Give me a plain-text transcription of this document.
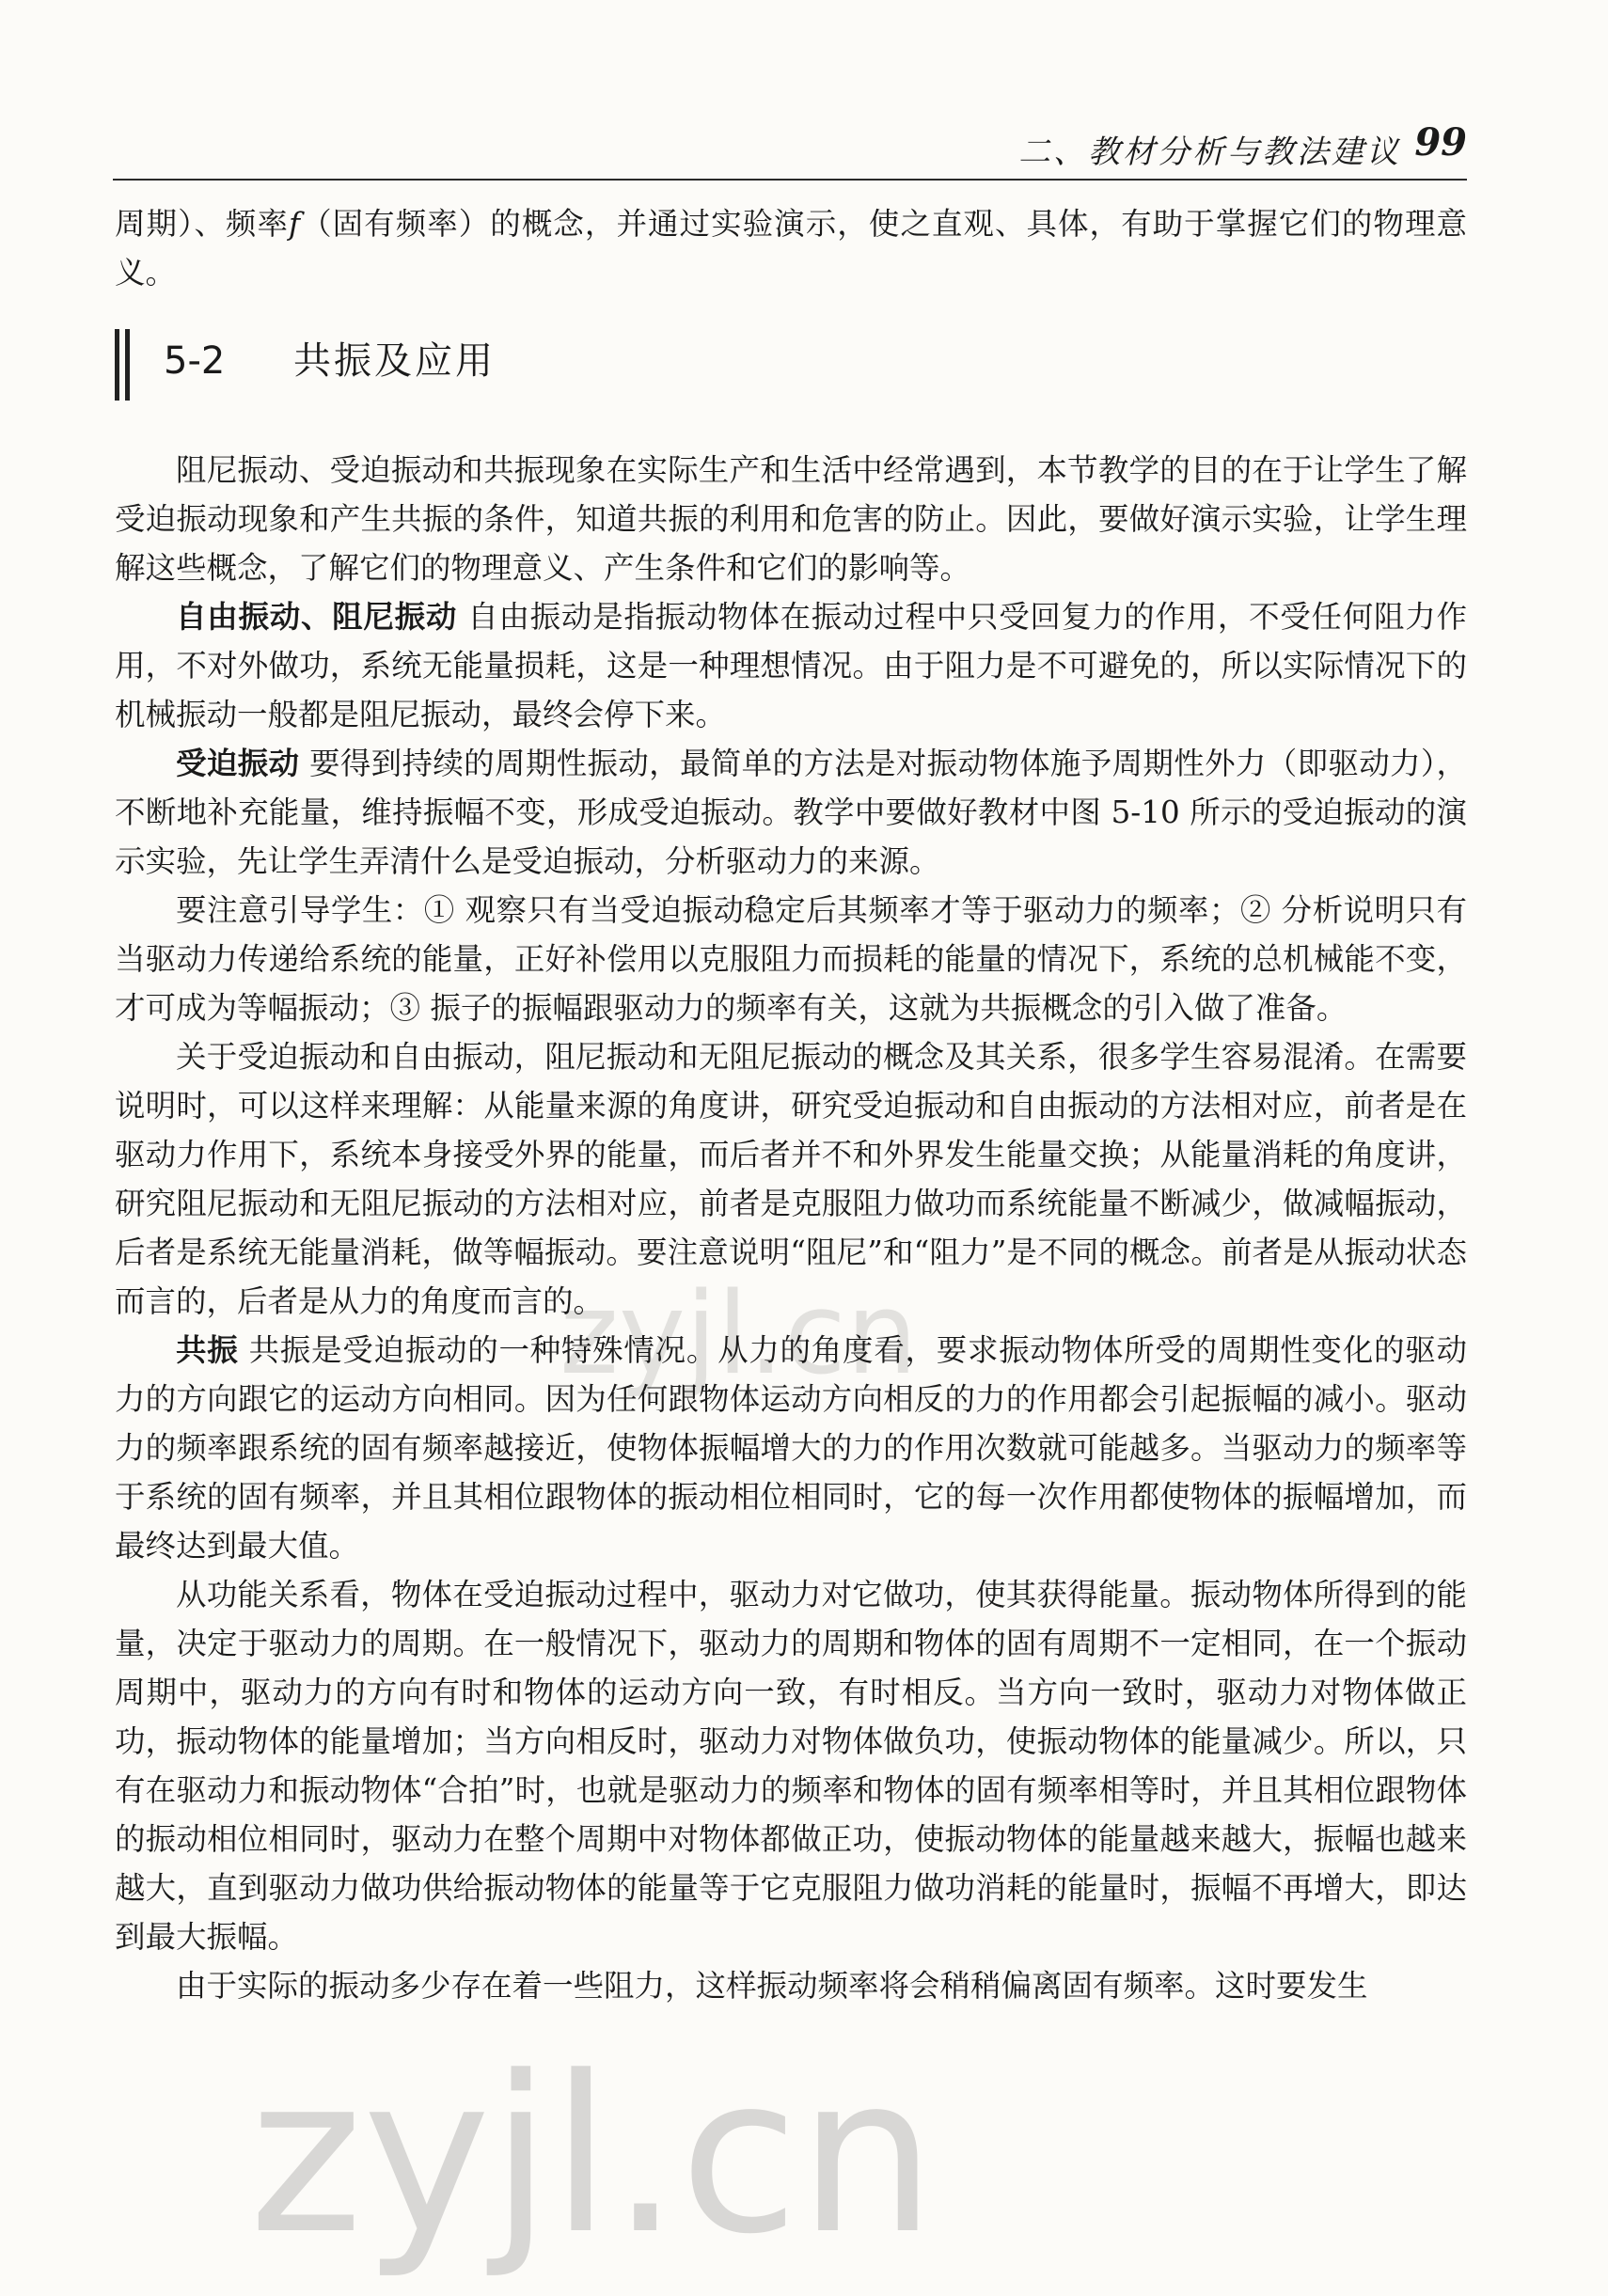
二、教材分析与教法建议 99

周期）、频率f（固有频率）的概念，并通过实验演示，使之直观、具体，有助于掌握它们的物理意义。

5-2 共振及应用

阻尼振动、受迫振动和共振现象在实际生产和生活中经常遇到，本节教学的目的在于让学生了解受迫振动现象和产生共振的条件，知道共振的利用和危害的防止。因此，要做好演示实验，让学生理解这些概念，了解它们的物理意义、产生条件和它们的影响等。

自由振动、阻尼振动 自由振动是指振动物体在振动过程中只受回复力的作用，不受任何阻力作用，不对外做功，系统无能量损耗，这是一种理想情况。由于阻力是不可避免的，所以实际情况下的机械振动一般都是阻尼振动，最终会停下来。

受迫振动 要得到持续的周期性振动，最简单的方法是对振动物体施予周期性外力（即驱动力），不断地补充能量，维持振幅不变，形成受迫振动。教学中要做好教材中图 5-10 所示的受迫振动的演示实验，先让学生弄清什么是受迫振动，分析驱动力的来源。

要注意引导学生：① 观察只有当受迫振动稳定后其频率才等于驱动力的频率；② 分析说明只有当驱动力传递给系统的能量，正好补偿用以克服阻力而损耗的能量的情况下，系统的总机械能不变，才可成为等幅振动；③ 振子的振幅跟驱动力的频率有关，这就为共振概念的引入做了准备。

关于受迫振动和自由振动，阻尼振动和无阻尼振动的概念及其关系，很多学生容易混淆。在需要说明时，可以这样来理解：从能量来源的角度讲，研究受迫振动和自由振动的方法相对应，前者是在驱动力作用下，系统本身接受外界的能量，而后者并不和外界发生能量交换；从能量消耗的角度讲，研究阻尼振动和无阻尼振动的方法相对应，前者是克服阻力做功而系统能量不断减少，做减幅振动，后者是系统无能量消耗，做等幅振动。要注意说明“阻尼”和“阻力”是不同的概念。前者是从振动状态而言的，后者是从力的角度而言的。

共振 共振是受迫振动的一种特殊情况。从力的角度看，要求振动物体所受的周期性变化的驱动力的方向跟它的运动方向相同。因为任何跟物体运动方向相反的力的作用都会引起振幅的减小。驱动力的频率跟系统的固有频率越接近，使物体振幅增大的力的作用次数就可能越多。当驱动力的频率等于系统的固有频率，并且其相位跟物体的振动相位相同时，它的每一次作用都使物体的振幅增加，而最终达到最大值。

从功能关系看，物体在受迫振动过程中，驱动力对它做功，使其获得能量。振动物体所得到的能量，决定于驱动力的周期。在一般情况下，驱动力的周期和物体的固有周期不一定相同，在一个振动周期中，驱动力的方向有时和物体的运动方向一致，有时相反。当方向一致时，驱动力对物体做正功，振动物体的能量增加；当方向相反时，驱动力对物体做负功，使振动物体的能量减少。所以，只有在驱动力和振动物体“合拍”时，也就是驱动力的频率和物体的固有频率相等时，并且其相位跟物体的振动相位相同时，驱动力在整个周期中对物体都做正功，使振动物体的能量越来越大，振幅也越来越大，直到驱动力做功供给振动物体的能量等于它克服阻力做功消耗的能量时，振幅不再增大，即达到最大振幅。

由于实际的振动多少存在着一些阻力，这样振动频率将会稍稍偏离固有频率。这时要发生

zyjl.cn
zyjl.cn
